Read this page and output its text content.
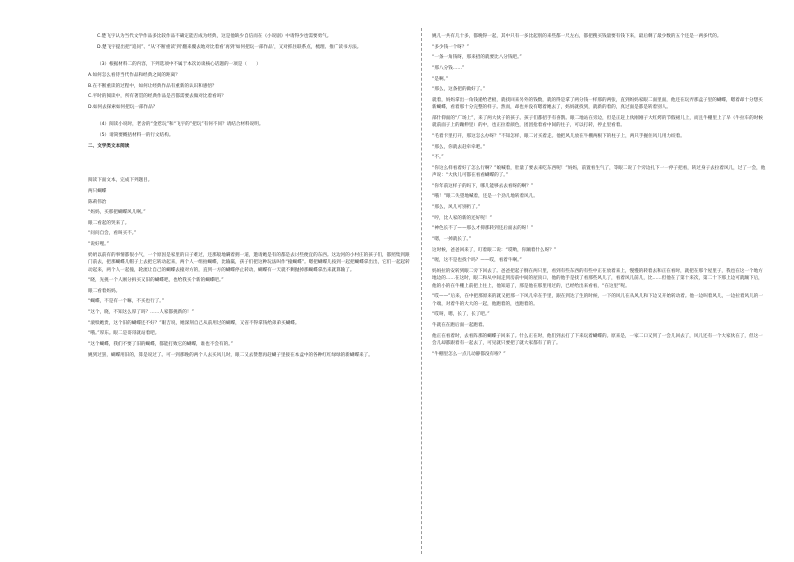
C.楚飞宇认为当代文学作品多比较作品不确定能否成为经典，这是他缺少自信而在《小说剧》中请得少也需要勇气。

D.楚飞宇提出把“追问”、“从‘不断重读’到‘翻来覆去地对比着看’再到‘如何把玩一部作品’，又对抓住联系点，梳理、推广读书方法。

（3）根据材料二的内容，下列选项中不属于本次访谈核心话题的一项是（　　）

A.如何怎么看待当代作品和经典之间的距离？

B.在不断重读的过程中，如何让经典作品有重新的认识和感悟？

C.平时的阅读中，所有著贯的经典作品是否都需要去做对比着看吗？

D.如何去探索如何把玩一部作品？

（4）阅读小说时，老舍的“金惹玩”和“飞宇的”把玩”有何不同？请结合材料说明。

（5）请简要概括材料一的行文结构。

二、文学类文本阅读

阅读下面文本，完成下列题目。

两只蝴蝶

陈莉伟治

“妈妈，买那把蝴蝶风儿啊。”

眼二看起的哭来了。

“问问自会，看叫买不。”

“说好哩。”

奶奶以前有的事情都很小气，一个原因是家里的日子难过，还那般地瞒着拥一道，邀请她是有的都是去讨些便宜的东西。这边河的小村庄的孩子们，都照集到跟门前去，把那蝴蝶儿帽子上去把它转动起来，两个人一组拍蝴蝶，比输赢，孩子们把这种玩法叫作“撞蝴蝶”。嗯把蝴蝶儿按到一起把蝴蝶拿出出，它们一起起转动起来，两个人一起撞，轮流让自己的蝴蝶去撞对方的，直到一方的蝴蝶停止转动，蝴蝶有一天就不剩抛掉那蝴蝶拿出来就算输了。

“晓，先挑一个人刚分拆买又旧的蝴蝶吧，也给我买个新的蝴蝶吧。”

眼二看着妈妈。

“蝴蝶，不是有一个嘛，不买也行了。”

“这个，晓，不知这么厚了吗？……人家都挑新的！”

“滚犊她贵，这个旧的蝴蝶还不好？”眼吉说，她深刻自己从前用过的蝴蝶，又省不得拿钱给弟弟买蝴蝶。

“哦。”厚东。眼二是哥哥就站着吧。

“这个蝴蝶，我们不要了旧的蝴蝶，都能打败它的蝴蝶，谁也不会有的。”

姚到过罢，蝴蝶用旧的，算是说过了。可一到那晚的两个人去买风儿时，眼二又去赞想再赶蝴子里接在本盒中的各种红红绿绿的新蝴蝶来了。

姚儿一共有几十多，都晚得一起，其中只有一多比起别的来些都一尺左右，都把搜买钱量要有钱下来，最后剩了最少数的五个还是一两多代的。

“多少钱一个呀？”

“一条一角钱呀，那来招的就要比八分钱吧。”

“那八分钱……”

“是啊。”

“那么，这条把的做好了。”

就着，妈妈拿出一角钱递给老板，就找回来另外的钱数，就的得是拿了两分钱一样那的两张，直到妈妈家眼二面里面，他还在玩弄那盒子里的蝴蝶，嗯着却十分想买新蝴蝶，看着那十分完整的样子。然而，却也并没有嗯着她去了，妈妈就找到，就新的着的，真过面是都是转着别人。

部什仰面的“广场上”，来了两大伙子的孩子。孩子们都招手有喜鹊。眼二地站在旁边，但是正赶上伙刚刚子大红烤的节假裙儿上，而且牛棚里上了早（牛拉车的时候就前面子上的蹦伸里）的中，也正拉着颜色，团团抢着看中间的往子，可以打转，停止里看着。

“毛着卡里打开，那这怎么办呀？”不知怎样，眼二讨买着走。他把风儿放在牛棚两根下的柱子上，两只手握住风儿用力绞着。

“那么，你就去赶牵牵吧。”

“不。”

“你这么样看着好了怎么行啊？”娘喊着，肚量了要去来吃东西呢！”妈妈，前置看生气了，等眼二说了个旁边扎下一一停子把看，转过身子去拉着风儿，过了一会，他声说：“大伙儿可都在看看蝴蝶的了。”

“你年前这样子的吗下，哪儿能够去去看呀的啊？”

“哦！”眼二失望地喊着，还是一个劲儿地转着风儿。

“那么，风儿可别扔了。”

“哼，比人家的新的还好呢！”

“神色长不了——那么才抑那转到还后面去的呀！”

“嗯，一掉就长了。”

这时候，爸爸回来了，叮着眼二说：“哎哟，你蹦着什么呀？”

“喔，这不是也找个吗？——哎，看着牛啊。”

妈妈拉的安转到眼二旁下回去了。爸爸把起子倒在两只里，看到有些东西的有些中正在放着来上，慢慢的转着去和正在看时，就把在那个屋里子，我也在这一个地方地边的……在这时，眼二和从中间走到房前中间的屋顶口，他的他手是找了看那些风儿了，看着风儿前儿，比……但他在了第十来次，第二十下那上边可就蹦下后，他的小的在牛棚上前把上往上，他知道了，那是他在那里用过的，已经给出来看看，“在这里”呢。

“哎——”后来，在中把那原来的就又把那一下风儿牵在手里，跟在到达了生的时候，一下的风儿在从风儿和下边又开始转动着。他一边叫着风儿，一边拉着风儿的一个端，对着牛的大大的一起，他跑着的，也跑着的。

“哎呀，嗯，长了，长了吧。”

牛就在在跑后面一起跑着。

他正在看着时，去看阵那的蝴蝶子回来了。什么正在时，他们到去打了下来玩着蝴蝶的。原来是，一家二口又到了一会儿回去了，风儿还有一个大家伙在了，但这一会儿却都跟着有一起去了，可见就只要把了就大家都有了的了。

“牛棚里怎么一点儿动静都没有啦？”
